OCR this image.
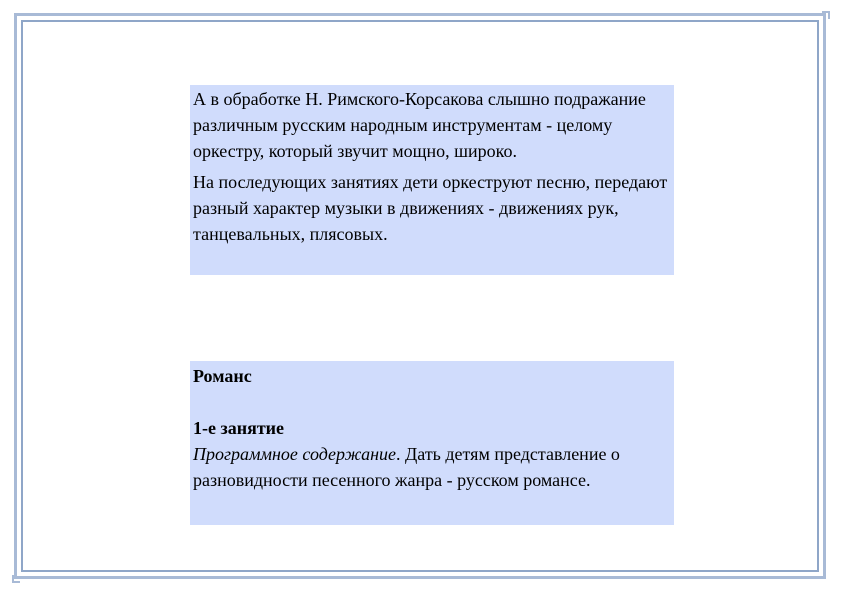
А в обработке Н. Римского-Корсакова слышно подражание различным русским народным инструментам - целому оркестру, который звучит мощно, широко.

На последующих занятиях дети оркеструют песню, передают разный характер музыки в движениях - движениях рук, танцевальных, плясовых.

Романс

1-е занятие

Программное содержание. Дать детям представление о разновидности песенного жанра - русском романсе.
